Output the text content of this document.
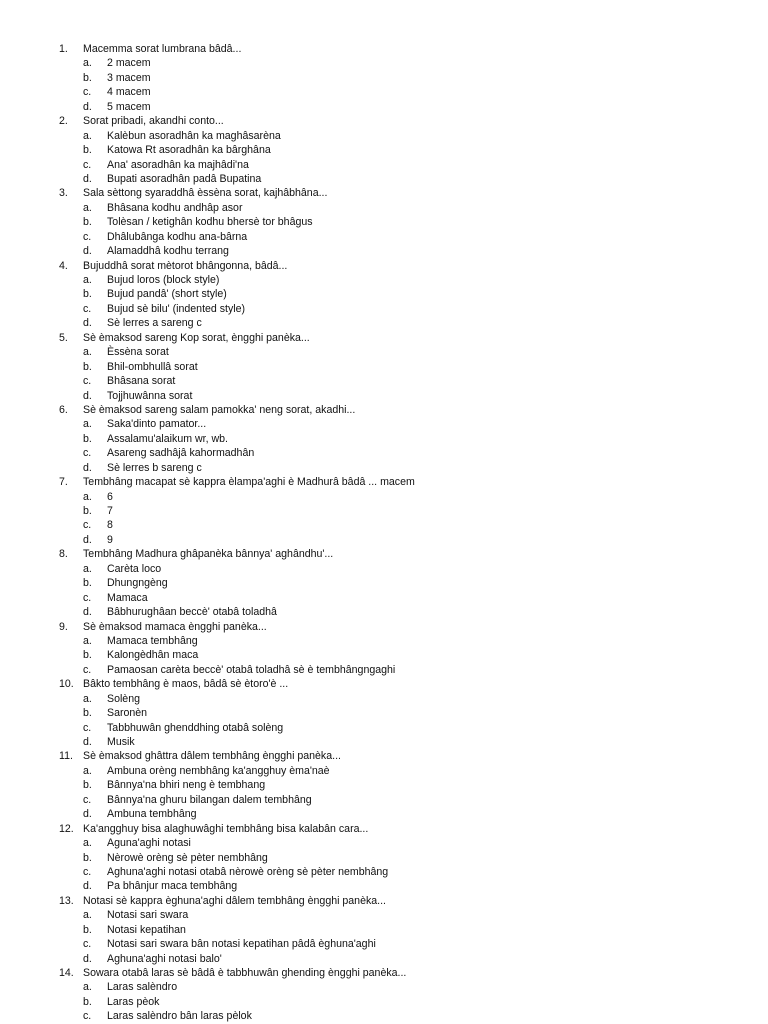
1. Macemma sorat lumbrana bâdâ...
a. 2 macem
b. 3 macem
c. 4 macem
d. 5 macem
2. Sorat pribadi, akandhi conto...
a. Kalèbun asoradhân ka maghâsarèna
b. Katowa Rt asoradhân ka bârghâna
c. Ana' asoradhân ka majhâdi'na
d. Bupati asoradhân padâ Bupatina
3. Sala sèttong syaraddhâ èssèna sorat, kajhâbhâna...
a. Bhâsana kodhu andhâp asor
b. Tolèsan / ketighân kodhu bhersè tor bhâgus
c. Dhâlubânga kodhu ana-bârna
d. Alamaddhâ kodhu terrang
4. Bujuddhâ sorat mètorot bhângonna, bâdâ...
a. Bujud loros (block style)
b. Bujud pandâ' (short style)
c. Bujud sè bilu' (indented style)
d. Sè lerres a sareng c
5. Sè èmaksod sareng Kop sorat, èngghi panèka...
a. Èssèna sorat
b. Bhil-ombhullâ sorat
c. Bhâsana sorat
d. Tojjhuwânna sorat
6. Sè èmaksod sareng salam pamokka' neng sorat, akadhi...
a. Saka'dinto pamator...
b. Assalamu'alaikum wr, wb.
c. Asareng sadhâjâ kahormadhân
d. Sè lerres b sareng c
7. Tembhâng macapat sè kappra èlampa'aghi è Madhurâ bâdâ ... macem
a. 6
b. 7
c. 8
d. 9
8. Tembhâng Madhura ghâpanèka bânnya' aghândhu'...
a. Carèta loco
b. Dhungngèng
c. Mamaca
d. Bâbhurughâan beccè' otabâ toladhâ
9. Sè èmaksod mamaca èngghi panèka...
a. Mamaca tembhâng
b. Kalongèdhân maca
c. Pamaosan carèta beccè' otabâ toladhâ sè è tembhângngaghi
10. Bâkto tembhâng è maos, bâdâ sè ètoro'è ...
a. Solèng
b. Saronèn
c. Tabbhuwân ghenddhing otabâ solèng
d. Musik
11. Sè èmaksod ghâttra dâlem tembhâng èngghi panèka...
a. Ambuna orèng nembhâng ka'angghuy èma'naè
b. Bânnya'na bhiri neng è tembhang
c. Bânnya'na ghuru bilangan dalem tembhâng
d. Ambuna tembhâng
12. Ka'angghuy bisa alaghuwâghi tembhâng bisa kalabân cara...
a. Aguna'aghi notasi
b. Nèrowè orèng sè pèter nembhâng
c. Aghuna'aghi notasi otabâ nèrowè orèng sè pèter nembhâng
d. Pa bhânjur maca tembhâng
13. Notasi sè kappra èghuna'aghi dâlem tembhâng èngghi panèka...
a. Notasi sari swara
b. Notasi kepatihan
c. Notasi sari swara bân notasi kepatihan pâdâ èghuna'aghi
d. Aghuna'aghi notasi balo'
14. Sowara otabâ laras sè bâdâ è tabbhuwân ghending èngghi panèka...
a. Laras salèndro
b. Laras pèok
c. Laras salèndro bân laras pèlok
